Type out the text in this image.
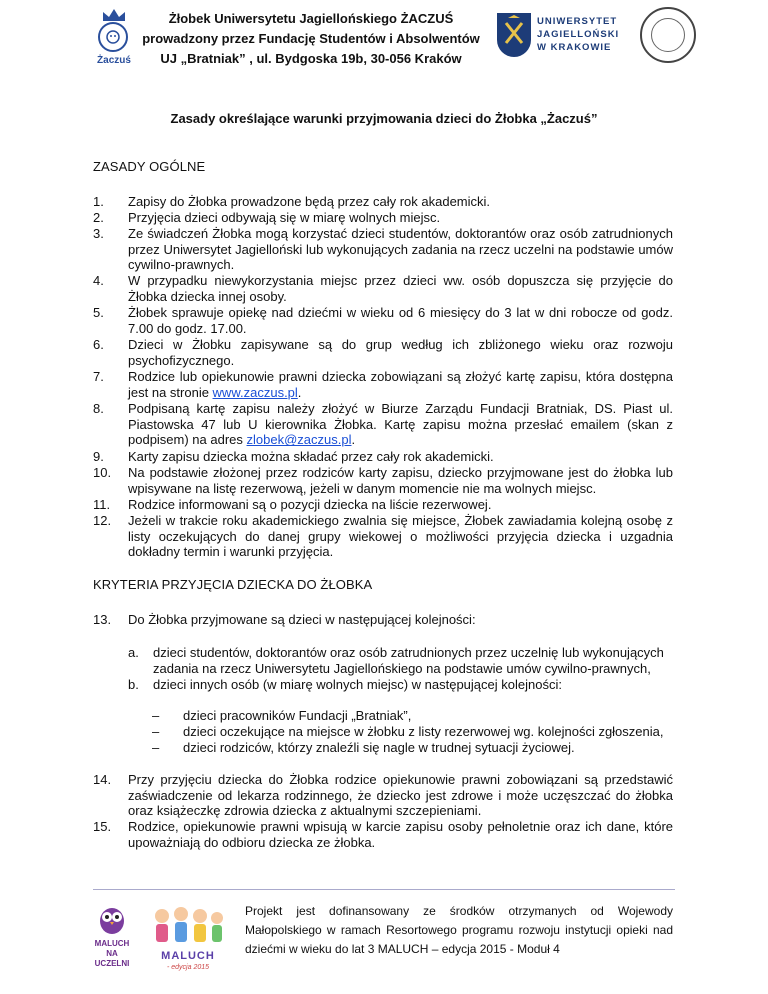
Żaczuś
Żłobek Uniwersytetu Jagiellońskiego ŻACZUŚ
prowadzony przez Fundację Studentów i Absolwentów
UJ „Bratniak” , ul. Bydgoska 19b, 30-056 Kraków
UNIWERSYTET
JAGIELLOŃSKI
W KRAKOWIE
Zasady określające warunki przyjmowania dzieci do Żłobka „Żaczuś”
ZASADY OGÓLNE
1. Zapisy do Żłobka prowadzone będą przez cały rok akademicki.
2. Przyjęcia dzieci odbywają się w miarę wolnych miejsc.
3. Ze świadczeń Żłobka mogą korzystać dzieci studentów, doktorantów oraz osób zatrudnionych przez Uniwersytet Jagielloński lub wykonujących zadania na rzecz uczelni na podstawie umów cywilno-prawnych.
4. W przypadku niewykorzystania miejsc przez dzieci ww. osób dopuszcza się przyjęcie do Żłobka dziecka innej osoby.
5. Żłobek sprawuje opiekę nad dziećmi w wieku od 6 miesięcy do 3 lat w dni robocze od godz. 7.00 do godz. 17.00.
6. Dzieci w Żłobku zapisywane są do grup według ich zbliżonego wieku oraz rozwoju psychofizycznego.
7. Rodzice lub opiekunowie prawni dziecka zobowiązani są złożyć kartę zapisu, która dostępna jest na stronie www.zaczus.pl.
8. Podpisaną kartę zapisu należy złożyć w Biurze Zarządu Fundacji Bratniak, DS. Piast ul. Piastowska 47 lub U kierownika Żłobka. Kartę zapisu można przesłać emailem (skan z podpisem) na adres zlobek@zaczus.pl.
9. Karty zapisu dziecka można składać przez cały rok akademicki.
10. Na podstawie złożonej przez rodziców karty zapisu, dziecko przyjmowane jest do żłobka lub wpisywane na listę rezerwową, jeżeli w danym momencie nie ma wolnych miejsc.
11. Rodzice informowani są o pozycji dziecka na liście rezerwowej.
12. Jeżeli w trakcie roku akademickiego zwalnia się miejsce, Żłobek zawiadamia kolejną osobę z listy oczekujących do danej grupy wiekowej o możliwości przyjęcia dziecka i uzgadnia dokładny termin i warunki przyjęcia.
KRYTERIA PRZYJĘCIA DZIECKA DO ŻŁOBKA
13. Do Żłobka przyjmowane są dzieci w następującej kolejności:
a. dzieci studentów, doktorantów oraz osób zatrudnionych przez uczelnię lub wykonujących zadania na rzecz Uniwersytetu Jagiellońskiego na podstawie umów cywilno-prawnych,
b. dzieci innych osób (w miarę wolnych miejsc) w następującej kolejności:
– dzieci pracowników Fundacji „Bratniak”,
– dzieci oczekujące na miejsce w żłobku z listy rezerwowej wg. kolejności zgłoszenia,
– dzieci rodziców, którzy znaleźli się nagle w trudnej sytuacji życiowej.
14. Przy przyjęciu dziecka do Żłobka rodzice opiekunowie prawni zobowiązani są przedstawić zaświadczenie od lekarza rodzinnego, że dziecko jest zdrowe i może uczęszczać do żłobka oraz książeczkę zdrowia dziecka z aktualnymi szczepieniami.
15. Rodzice, opiekunowie prawni wpisują w karcie zapisu osoby pełnoletnie oraz ich dane, które upoważniają do odbioru dziecka ze żłobka.
MALUCH
NA UCZELNI
MALUCH
- edycja 2015
Projekt jest dofinansowany ze środków otrzymanych od Wojewody Małopolskiego w ramach Resortowego programu rozwoju instytucji opieki nad dziećmi w wieku do lat 3 MALUCH – edycja 2015 - Moduł 4
